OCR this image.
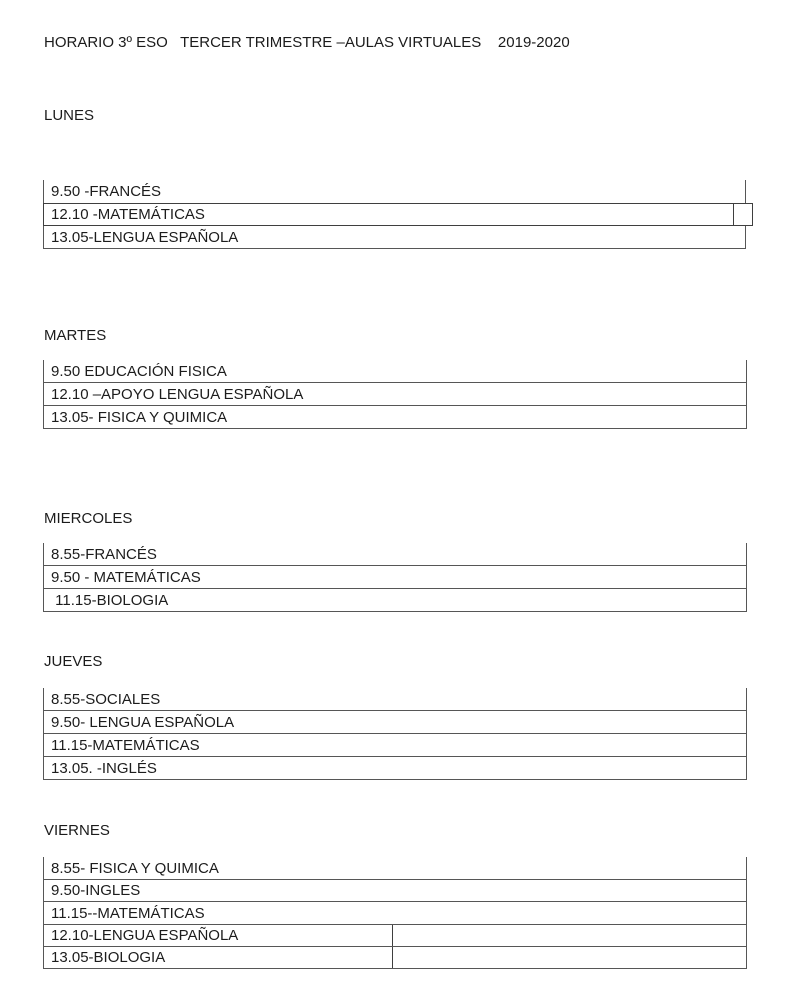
HORARIO 3º ESO   TERCER TRIMESTRE –AULAS VIRTUALES    2019-2020
LUNES
9.50 -FRANCÉS
12.10 -MATEMÁTICAS
13.05-LENGUA ESPAÑOLA
MARTES
9.50 EDUCACIÓN FISICA
12.10 –APOYO LENGUA ESPAÑOLA
13.05- FISICA Y QUIMICA
MIERCOLES
8.55-FRANCÉS
9.50 - MATEMÁTICAS
11.15-BIOLOGIA
JUEVES
8.55-SOCIALES
9.50- LENGUA ESPAÑOLA
11.15-MATEMÁTICAS
13.05. -INGLÉS
VIERNES
8.55- FISICA Y QUIMICA
9.50-INGLES
11.15--MATEMÁTICAS
12.10-LENGUA ESPAÑOLA
13.05-BIOLOGIA
